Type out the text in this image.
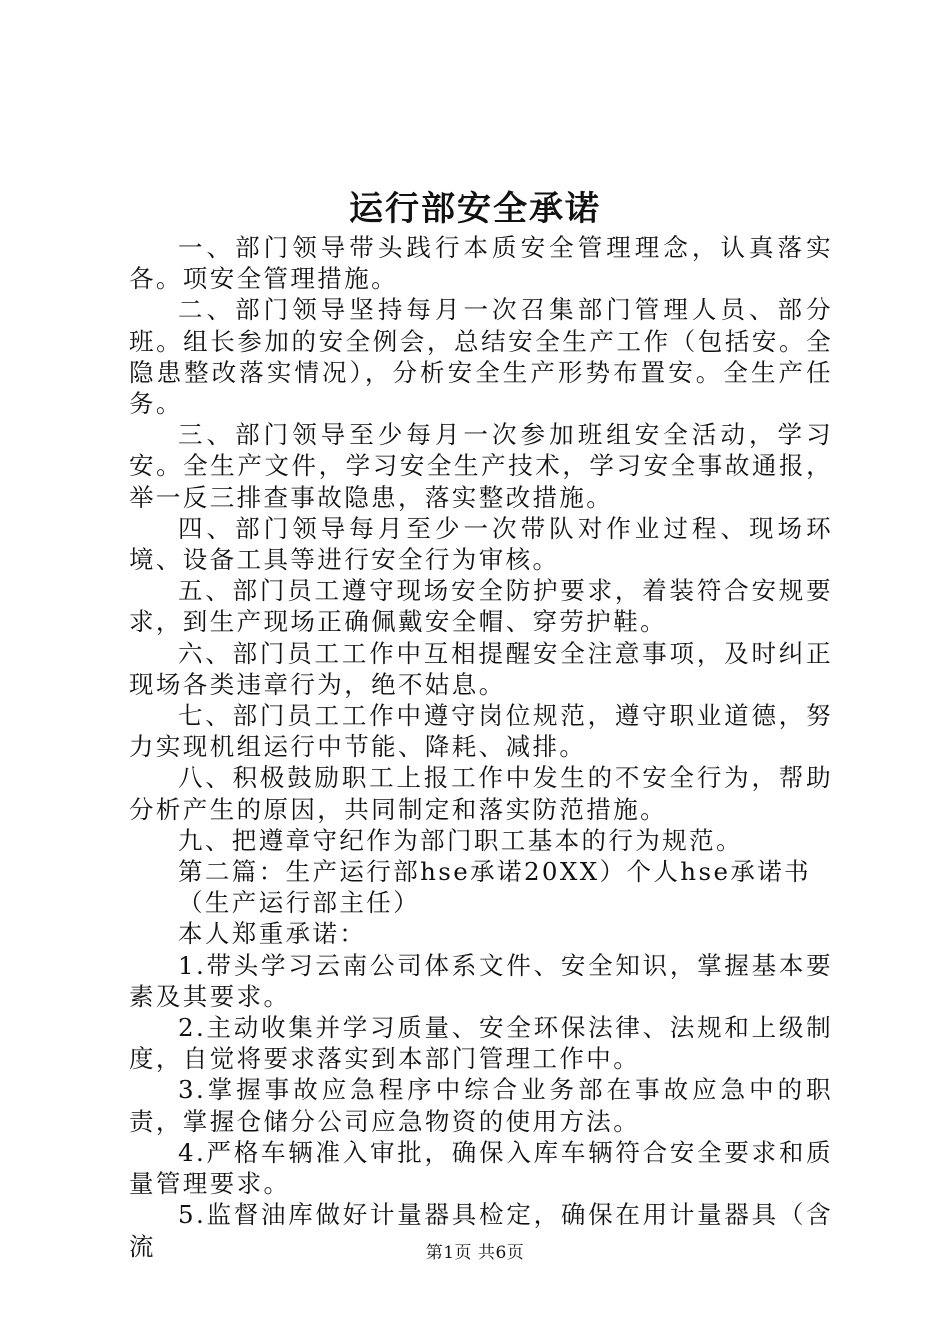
运行部安全承诺

一、部门领导带头践行本质安全管理理念，认真落实各。项安全管理措施。

二、部门领导坚持每月一次召集部门管理人员、部分班。组长参加的安全例会，总结安全生产工作（包括安。全隐患整改落实情况），分析安全生产形势布置安。全生产任务。

三、部门领导至少每月一次参加班组安全活动，学习安。全生产文件，学习安全生产技术，学习安全事故通报，举一反三排查事故隐患，落实整改措施。

四、部门领导每月至少一次带队对作业过程、现场环境、设备工具等进行安全行为审核。

五、部门员工遵守现场安全防护要求，着装符合安规要求，到生产现场正确佩戴安全帽、穿劳护鞋。

六、部门员工工作中互相提醒安全注意事项，及时纠正现场各类违章行为，绝不姑息。

七、部门员工工作中遵守岗位规范，遵守职业道德，努力实现机组运行中节能、降耗、减排。

八、积极鼓励职工上报工作中发生的不安全行为，帮助分析产生的原因，共同制定和落实防范措施。

九、把遵章守纪作为部门职工基本的行为规范。

第二篇：生产运行部hse承诺20XX）个人hse承诺书

（生产运行部主任）

本人郑重承诺：

1.带头学习云南公司体系文件、安全知识，掌握基本要素及其要求。

2.主动收集并学习质量、安全环保法律、法规和上级制度，自觉将要求落实到本部门管理工作中。

3.掌握事故应急程序中综合业务部在事故应急中的职责，掌握仓储分公司应急物资的使用方法。

4.严格车辆准入审批，确保入库车辆符合安全要求和质量管理要求。

5.监督油库做好计量器具检定，确保在用计量器具（含流	第1页 共6页
